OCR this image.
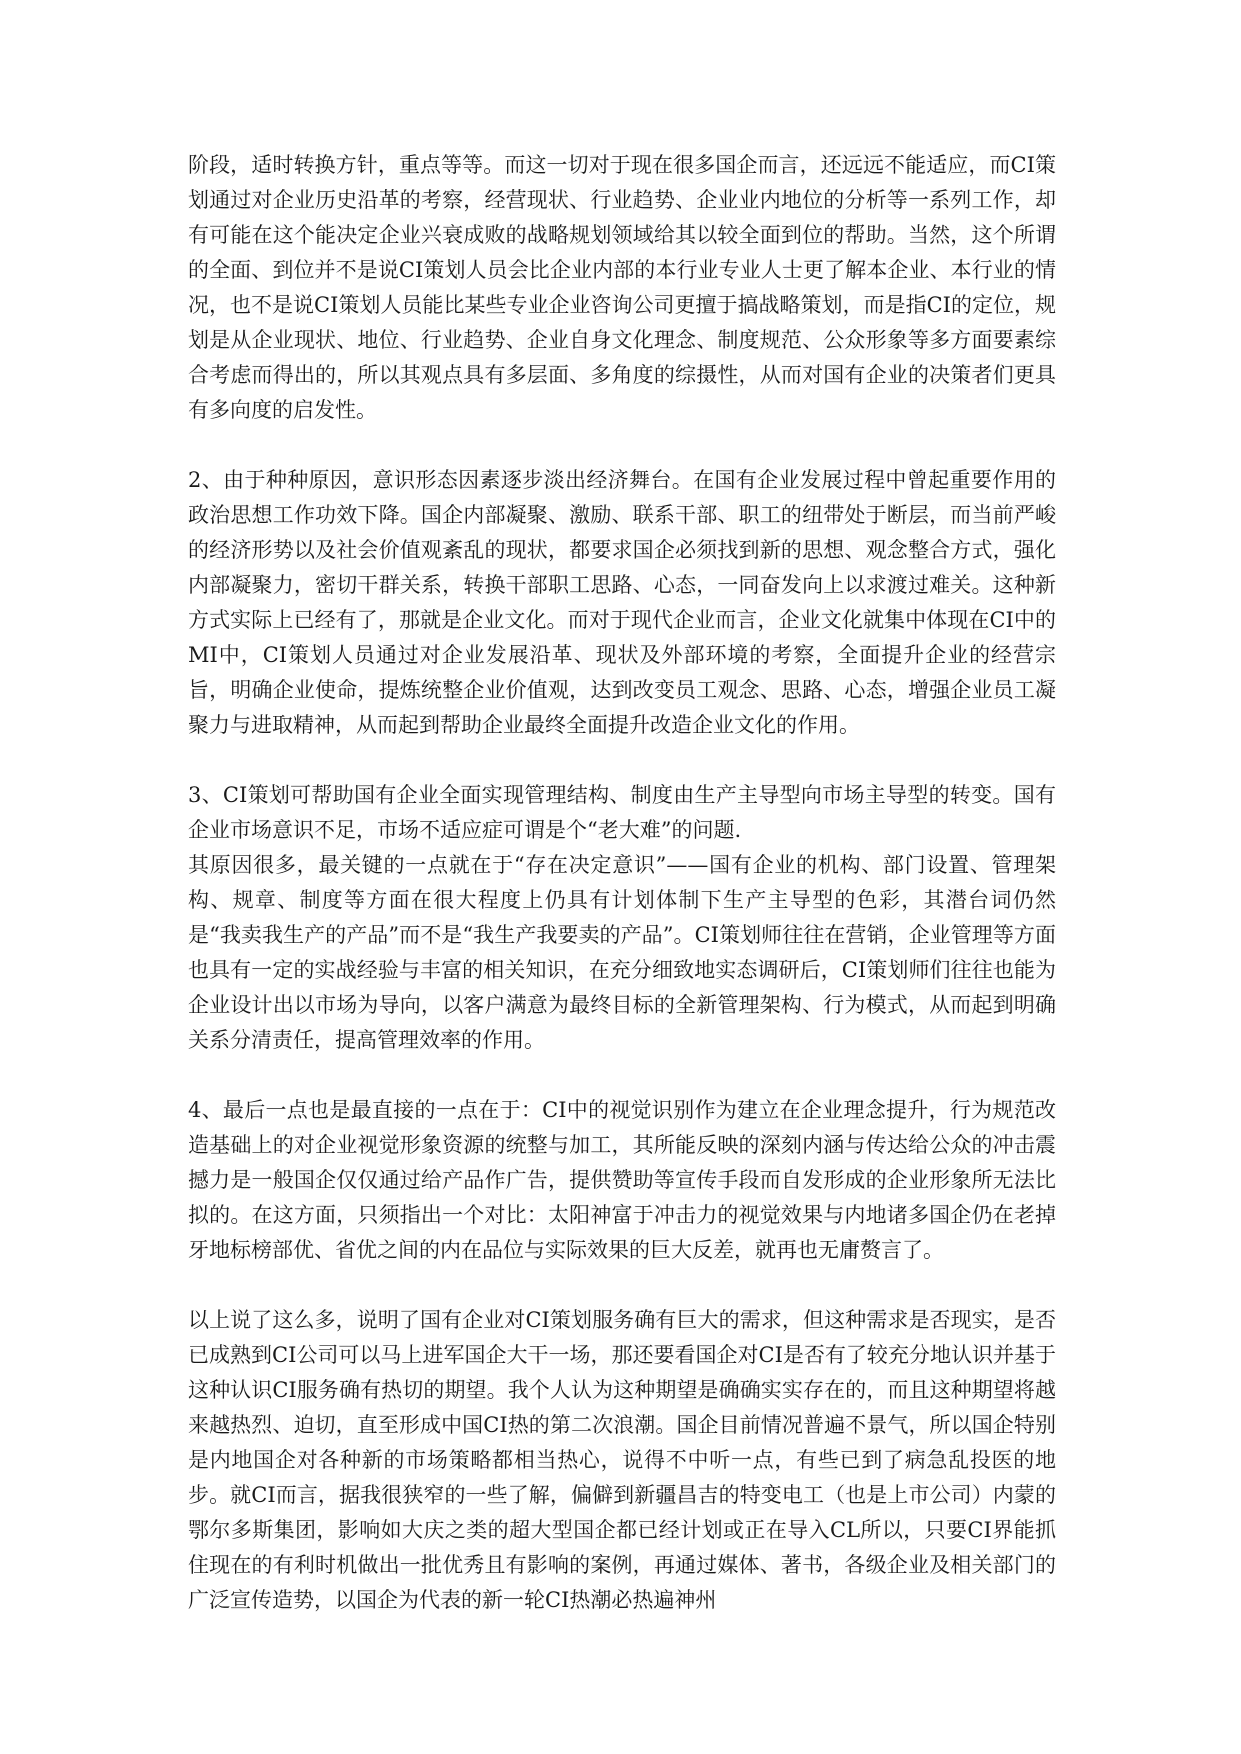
阶段，适时转换方针，重点等等。而这一切对于现在很多国企而言，还远远不能适应，而CI策划通过对企业历史沿革的考察，经营现状、行业趋势、企业业内地位的分析等一系列工作，却有可能在这个能决定企业兴衰成败的战略规划领域给其以较全面到位的帮助。当然，这个所谓的全面、到位并不是说CI策划人员会比企业内部的本行业专业人士更了解本企业、本行业的情况，也不是说CI策划人员能比某些专业企业咨询公司更擅于搞战略策划，而是指CI的定位，规划是从企业现状、地位、行业趋势、企业自身文化理念、制度规范、公众形象等多方面要素综合考虑而得出的，所以其观点具有多层面、多角度的综摄性，从而对国有企业的决策者们更具有多向度的启发性。

2、由于种种原因，意识形态因素逐步淡出经济舞台。在国有企业发展过程中曾起重要作用的政治思想工作功效下降。国企内部凝聚、激励、联系干部、职工的纽带处于断层，而当前严峻的经济形势以及社会价值观紊乱的现状，都要求国企必须找到新的思想、观念整合方式，强化内部凝聚力，密切干群关系，转换干部职工思路、心态，一同奋发向上以求渡过难关。这种新方式实际上已经有了，那就是企业文化。而对于现代企业而言，企业文化就集中体现在CI中的MI中，CI策划人员通过对企业发展沿革、现状及外部环境的考察，全面提升企业的经营宗旨，明确企业使命，提炼统整企业价值观，达到改变员工观念、思路、心态，增强企业员工凝聚力与进取精神，从而起到帮助企业最终全面提升改造企业文化的作用。

3、CI策划可帮助国有企业全面实现管理结构、制度由生产主导型向市场主导型的转变。国有企业市场意识不足，市场不适应症可谓是个“老大难”的问题.
其原因很多，最关键的一点就在于“存在决定意识”——国有企业的机构、部门设置、管理架构、规章、制度等方面在很大程度上仍具有计划体制下生产主导型的色彩，其潜台词仍然是“我卖我生产的产品”而不是“我生产我要卖的产品”。CI策划师往往在营销，企业管理等方面也具有一定的实战经验与丰富的相关知识，在充分细致地实态调研后，CI策划师们往往也能为企业设计出以市场为导向，以客户满意为最终目标的全新管理架构、行为模式，从而起到明确关系分清责任，提高管理效率的作用。

4、最后一点也是最直接的一点在于：CI中的视觉识别作为建立在企业理念提升，行为规范改造基础上的对企业视觉形象资源的统整与加工，其所能反映的深刻内涵与传达给公众的冲击震撼力是一般国企仅仅通过给产品作广告，提供赞助等宣传手段而自发形成的企业形象所无法比拟的。在这方面，只须指出一个对比：太阳神富于冲击力的视觉效果与内地诸多国企仍在老掉牙地标榜部优、省优之间的内在品位与实际效果的巨大反差，就再也无庸赘言了。

以上说了这么多，说明了国有企业对CI策划服务确有巨大的需求，但这种需求是否现实，是否已成熟到CI公司可以马上进军国企大干一场，那还要看国企对CI是否有了较充分地认识并基于这种认识CI服务确有热切的期望。我个人认为这种期望是确确实实存在的，而且这种期望将越来越热烈、迫切，直至形成中国CI热的第二次浪潮。国企目前情况普遍不景气，所以国企特别是内地国企对各种新的市场策略都相当热心，说得不中听一点，有些已到了病急乱投医的地步。就CI而言，据我很狭窄的一些了解，偏僻到新疆昌吉的特变电工（也是上市公司）内蒙的鄂尔多斯集团，影响如大庆之类的超大型国企都已经计划或正在导入CL所以，只要CI界能抓住现在的有利时机做出一批优秀且有影响的案例，再通过媒体、著书，各级企业及相关部门的广泛宣传造势，以国企为代表的新一轮CI热潮必热遍神州
